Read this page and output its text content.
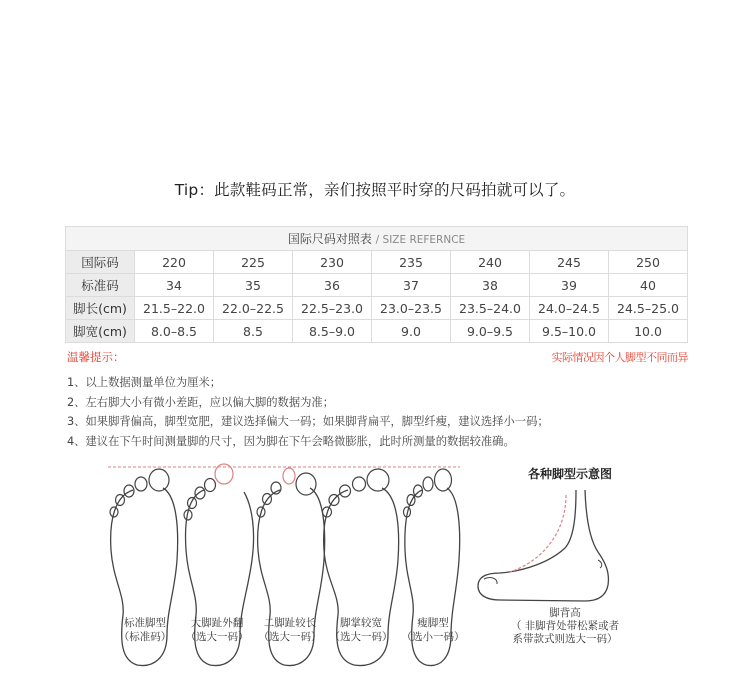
Tip：此款鞋码正常，亲们按照平时穿的尺码拍就可以了。
国际尺码对照表 / SIZE REFERNCE							
国际码	220	225	230	235	240	245	250
标准码	34	35	36	37	38	39	40
脚长(cm)	21.5–22.0	22.0–22.5	22.5–23.0	23.0–23.5	23.5–24.0	24.0–24.5	24.5–25.0
脚宽(cm)	8.0–8.5	8.5	8.5–9.0	9.0	9.0–9.5	9.5–10.0	10.0
温馨提示：	实际情况因个人脚型不同而异
1、以上数据测量单位为厘米；
2、左右脚大小有微小差距，应以偏大脚的数据为准；
3、如果脚背偏高，脚型宽肥，建议选择偏大一码；如果脚背扁平，脚型纤瘦，建议选择小一码；
4、建议在下午时间测量脚的尺寸，因为脚在下午会略微膨胀，此时所测量的数据较准确。
标准脚型
（标准码）
大脚趾外翻
（选大一码）
二脚趾较长
（选大一码）
脚掌较宽
（选大一码）
瘦脚型
（选小一码）
各种脚型示意图
脚背高
（ 非脚背处带松紧或者
系带款式则选大一码）
